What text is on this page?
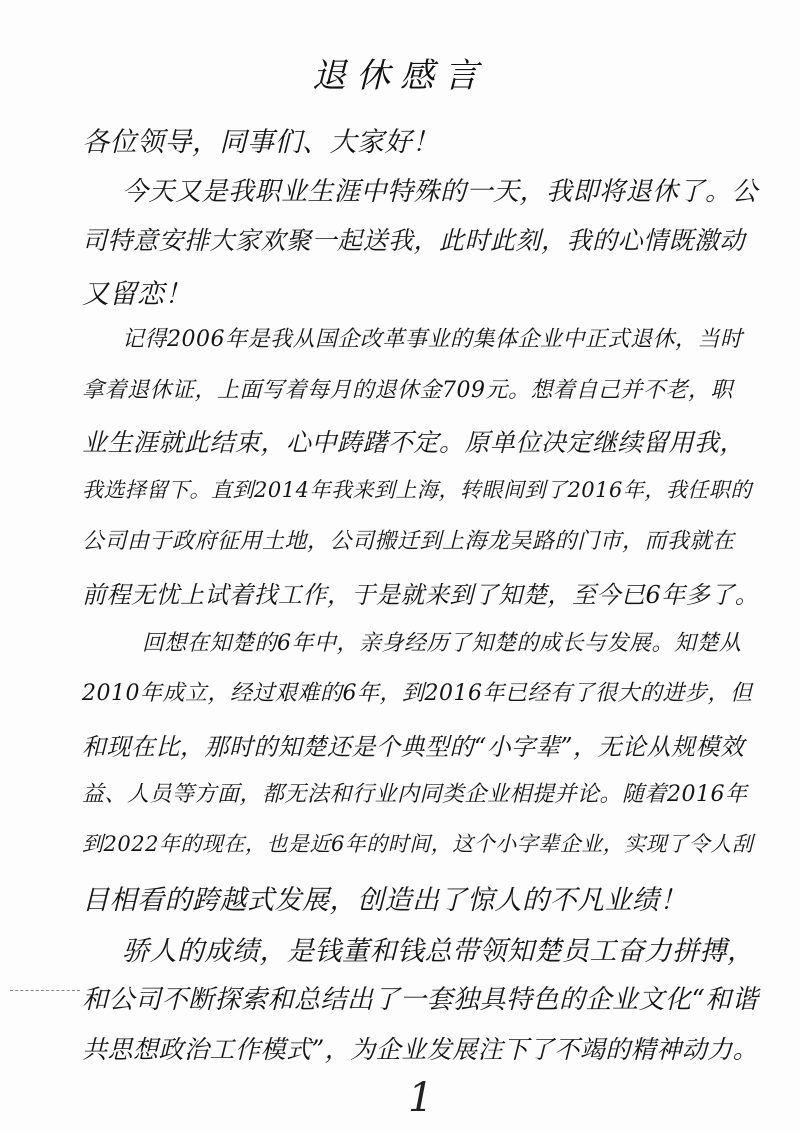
退休感言
各位领导，同事们、大家好！
今天又是我职业生涯中特殊的一天，我即将退休了。公
司特意安排大家欢聚一起送我，此时此刻，我的心情既激动
又留恋！
记得2006年是我从国企改革事业的集体企业中正式退休，当时
拿着退休证，上面写着每月的退休金709元。想着自己并不老，职
业生涯就此结束，心中踌躇不定。原单位决定继续留用我，
我选择留下。直到2014年我来到上海，转眼间到了2016年，我任职的
公司由于政府征用土地，公司搬迁到上海龙吴路的门市，而我就在
前程无忧上试着找工作，于是就来到了知楚，至今已6年多了。
回想在知楚的6年中，亲身经历了知楚的成长与发展。知楚从
2010年成立，经过艰难的6年，到2016年已经有了很大的进步，但
和现在比，那时的知楚还是个典型的“小字辈”，无论从规模效
益、人员等方面，都无法和行业内同类企业相提并论。随着2016年
到2022年的现在，也是近6年的时间，这个小字辈企业，实现了令人刮
目相看的跨越式发展，创造出了惊人的不凡业绩！
骄人的成绩，是钱董和钱总带领知楚员工奋力拼搏，
和公司不断探索和总结出了一套独具特色的企业文化“和谐
共思想政治工作模式”，为企业发展注下了不竭的精神动力。
1
